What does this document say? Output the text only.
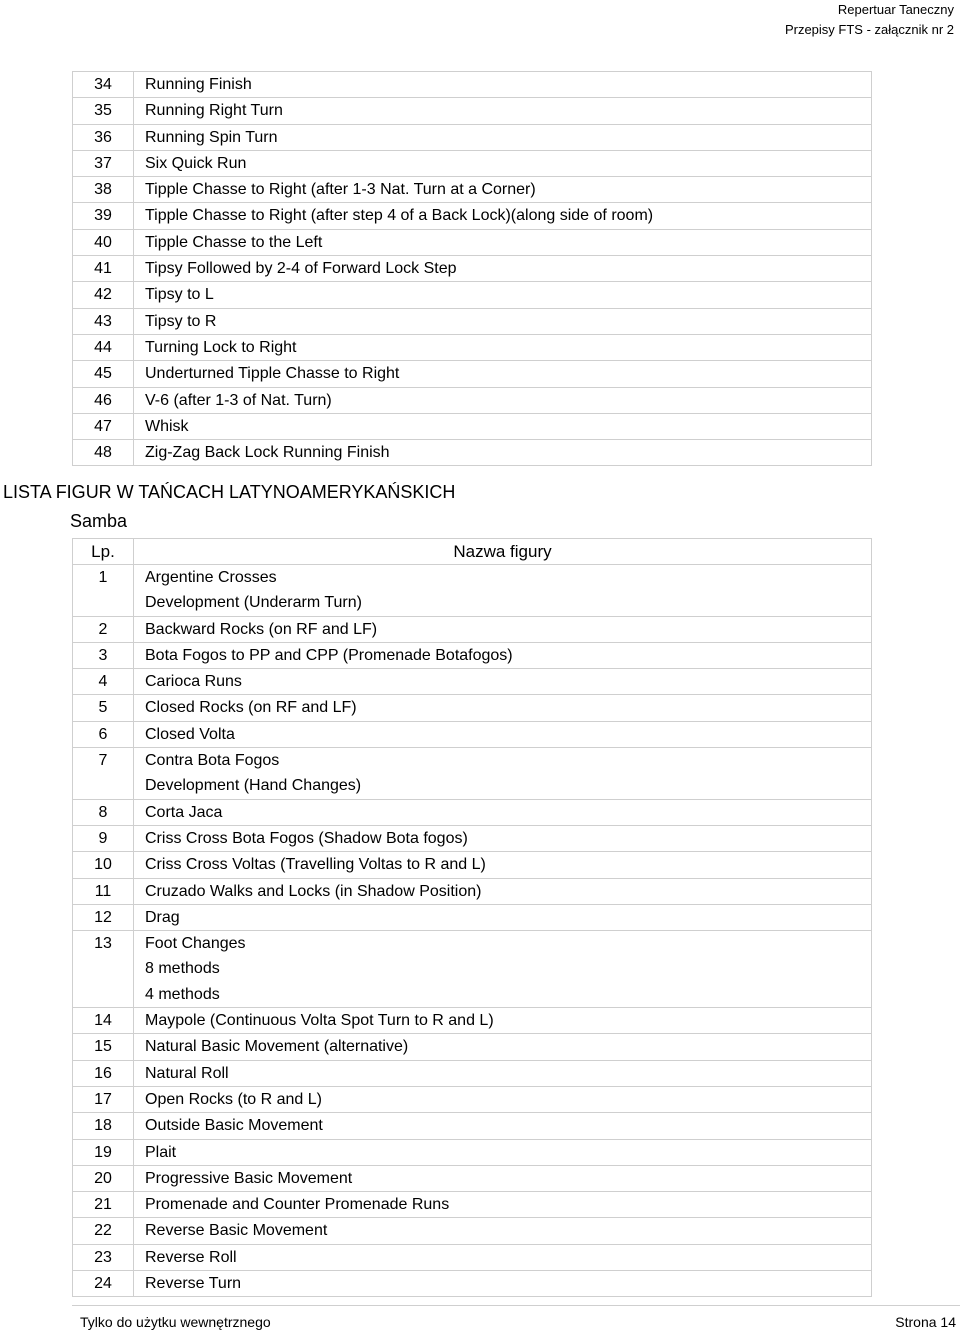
Repertuar Taneczny
Przepisy FTS - załącznik nr 2
34	Running Finish

35	Running Right Turn

36	Running Spin Turn

37	Six Quick Run

38	Tipple Chasse to Right (after 1-3 Nat. Turn at a Corner)

39	Tipple Chasse to Right (after step 4 of a Back Lock)(along side of room)

40	Tipple Chasse to the Left

41	Tipsy Followed by 2-4 of Forward Lock Step

42	Tipsy to L

43	Tipsy to R

44	Turning Lock to Right

45	Underturned Tipple Chasse to Right

46	V-6 (after 1-3 of Nat. Turn)

47	Whisk

48	Zig-Zag Back Lock Running Finish
LISTA FIGUR W TAŃCACH LATYNOAMERYKAŃSKICH
Samba
Lp.	Nazwa figury

1	Argentine Crosses
Development (Underarm Turn)

2	Backward Rocks (on RF and LF)

3	Bota Fogos to PP and CPP (Promenade Botafogos)

4	Carioca Runs

5	Closed Rocks (on RF and LF)

6	Closed Volta

7	Contra Bota Fogos
Development (Hand Changes)

8	Corta Jaca

9	Criss Cross Bota Fogos (Shadow Bota fogos)

10	Criss Cross Voltas (Travelling Voltas to R and L)

11	Cruzado Walks and Locks (in Shadow Position)

12	Drag

13	Foot Changes
8 methods
4 methods

14	Maypole (Continuous Volta Spot Turn to R and L)

15	Natural Basic Movement (alternative)

16	Natural Roll

17	Open Rocks (to R and L)

18	Outside Basic Movement

19	Plait

20	Progressive Basic Movement

21	Promenade and Counter Promenade Runs

22	Reverse Basic Movement

23	Reverse Roll

24	Reverse Turn
Tylko do użytku wewnętrznego	Strona 14
